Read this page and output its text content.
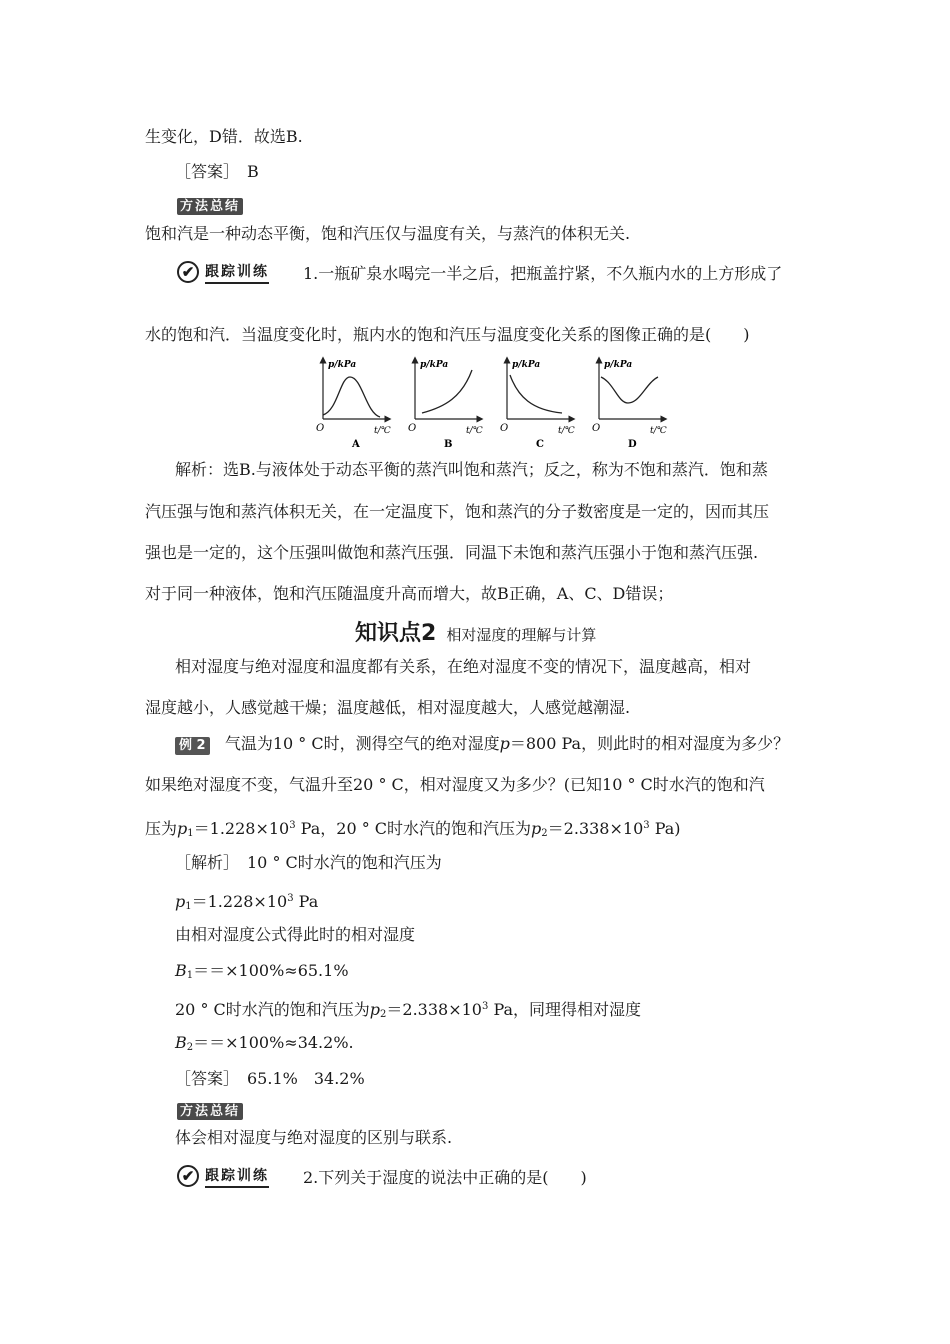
生变化，D错．故选B.
［答案］　B
方法总结
饱和汽是一种动态平衡，饱和汽压仅与温度有关，与蒸汽的体积无关.
✔ 跟踪训练 1.一瓶矿泉水喝完一半之后，把瓶盖拧紧，不久瓶内水的上方形成了
水的饱和汽．当温度变化时，瓶内水的饱和汽压与温度变化关系的图像正确的是(　　)
p/kPa
O	t/℃
A
p/kPa
O	t/℃
B
p/kPa
O	t/℃
C
p/kPa
O	t/℃
D
解析：选B.与液体处于动态平衡的蒸汽叫饱和蒸汽；反之，称为不饱和蒸汽．饱和蒸
汽压强与饱和蒸汽体积无关，在一定温度下，饱和蒸汽的分子数密度是一定的，因而其压
强也是一定的，这个压强叫做饱和蒸汽压强．同温下未饱和蒸汽压强小于饱和蒸汽压强.
对于同一种液体，饱和汽压随温度升高而增大，故B正确，A、C、D错误；
知识点2 相对湿度的理解与计算
相对湿度与绝对湿度和温度都有关系，在绝对湿度不变的情况下，温度越高，相对
湿度越小，人感觉越干燥；温度越低，相对湿度越大，人感觉越潮湿.
例 2 气温为10 ° C时，测得空气的绝对湿度p＝800 Pa，则此时的相对湿度为多少？
如果绝对湿度不变，气温升至20 ° C，相对湿度又为多少？(已知10 ° C时水汽的饱和汽
压为$p_1=1.228\times 10^3$ Pa，20 ° C时水汽的饱和汽压为$p_2=2.338\times 10^3$ Pa)
［解析］　10 ° C时水汽的饱和汽压为
$p_1=1.228\times 10^3$ Pa
由相对湿度公式得此时的相对湿度
$B_1==\times 100\%\approx 65.1\%$
20 ° C时水汽的饱和汽压为$p_2=2.338\times 10^3$ Pa，同理得相对湿度
$B_2==\times 100\%\approx 34.2\%$.
［答案］　65.1%　34.2%
方法总结
体会相对湿度与绝对湿度的区别与联系.
✔ 跟踪训练 2.下列关于湿度的说法中正确的是(　　)
